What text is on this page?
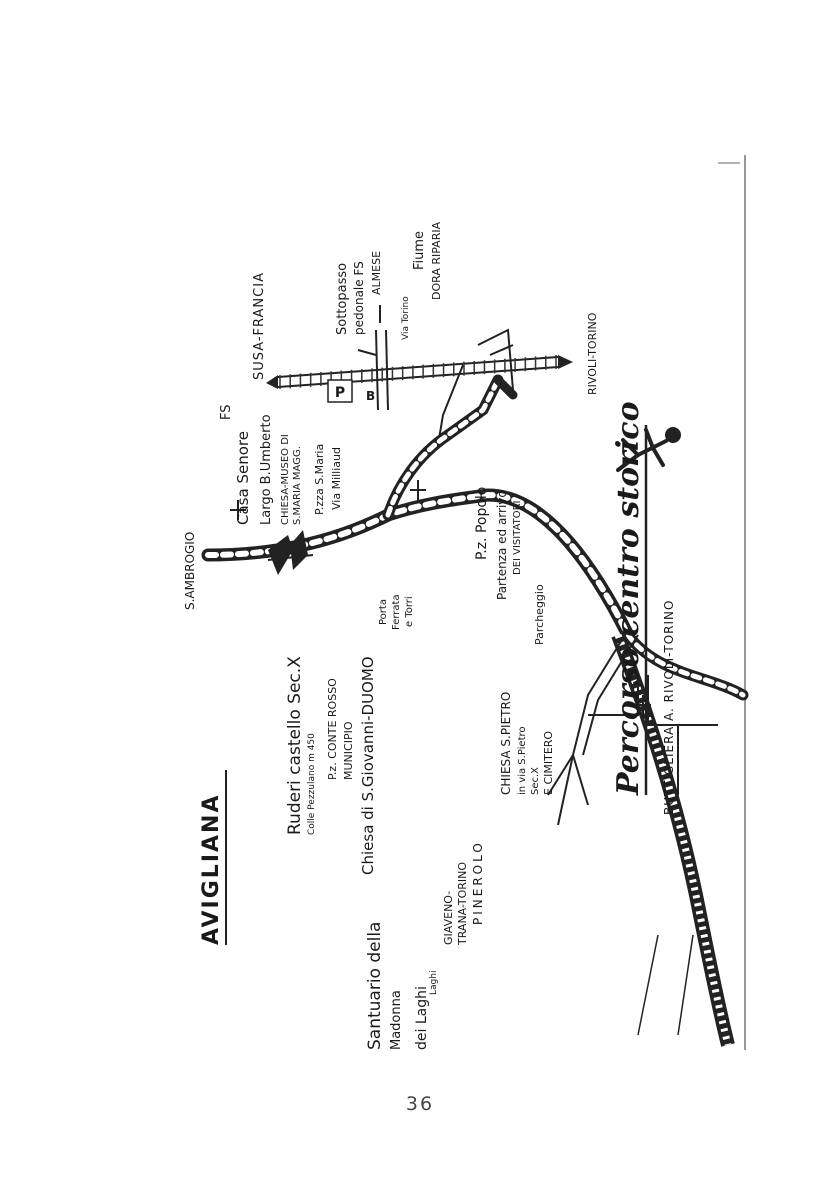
P B
AVIGLIANA
S.AMBROGIO
Casa Senore
FS
Largo B.Umberto CHIESA-MUSEO DI S.MARIA MAGG. P.zza S.Maria Via Milliaud
P.z. Popolo Partenza ed arrivo DEI VISITATORI
Parcheggio
SUSA-FRANCIA	Sottopasso pedonale FS ALMESE
Via Torino
Fiume DORA RIPARIA
RIVOLI-TORINO
Percorso centro storico BUTTIGLIERA A. RIVOLI-TORINO
Ruderi castello Sec.X Colle Pezzulano m 450
P.z. CONTE ROSSO MUNICIPIO Chiesa di S.Giovanni-DUOMO
Porta Ferrata e Torri
CHIESA S.PIETRO in via S.Pietro Sec.X E CIMITERO
Santuario della Madonna dei Laghi
Laghi
GIAVENO- TRANA-TORINO PINEROLO
36
